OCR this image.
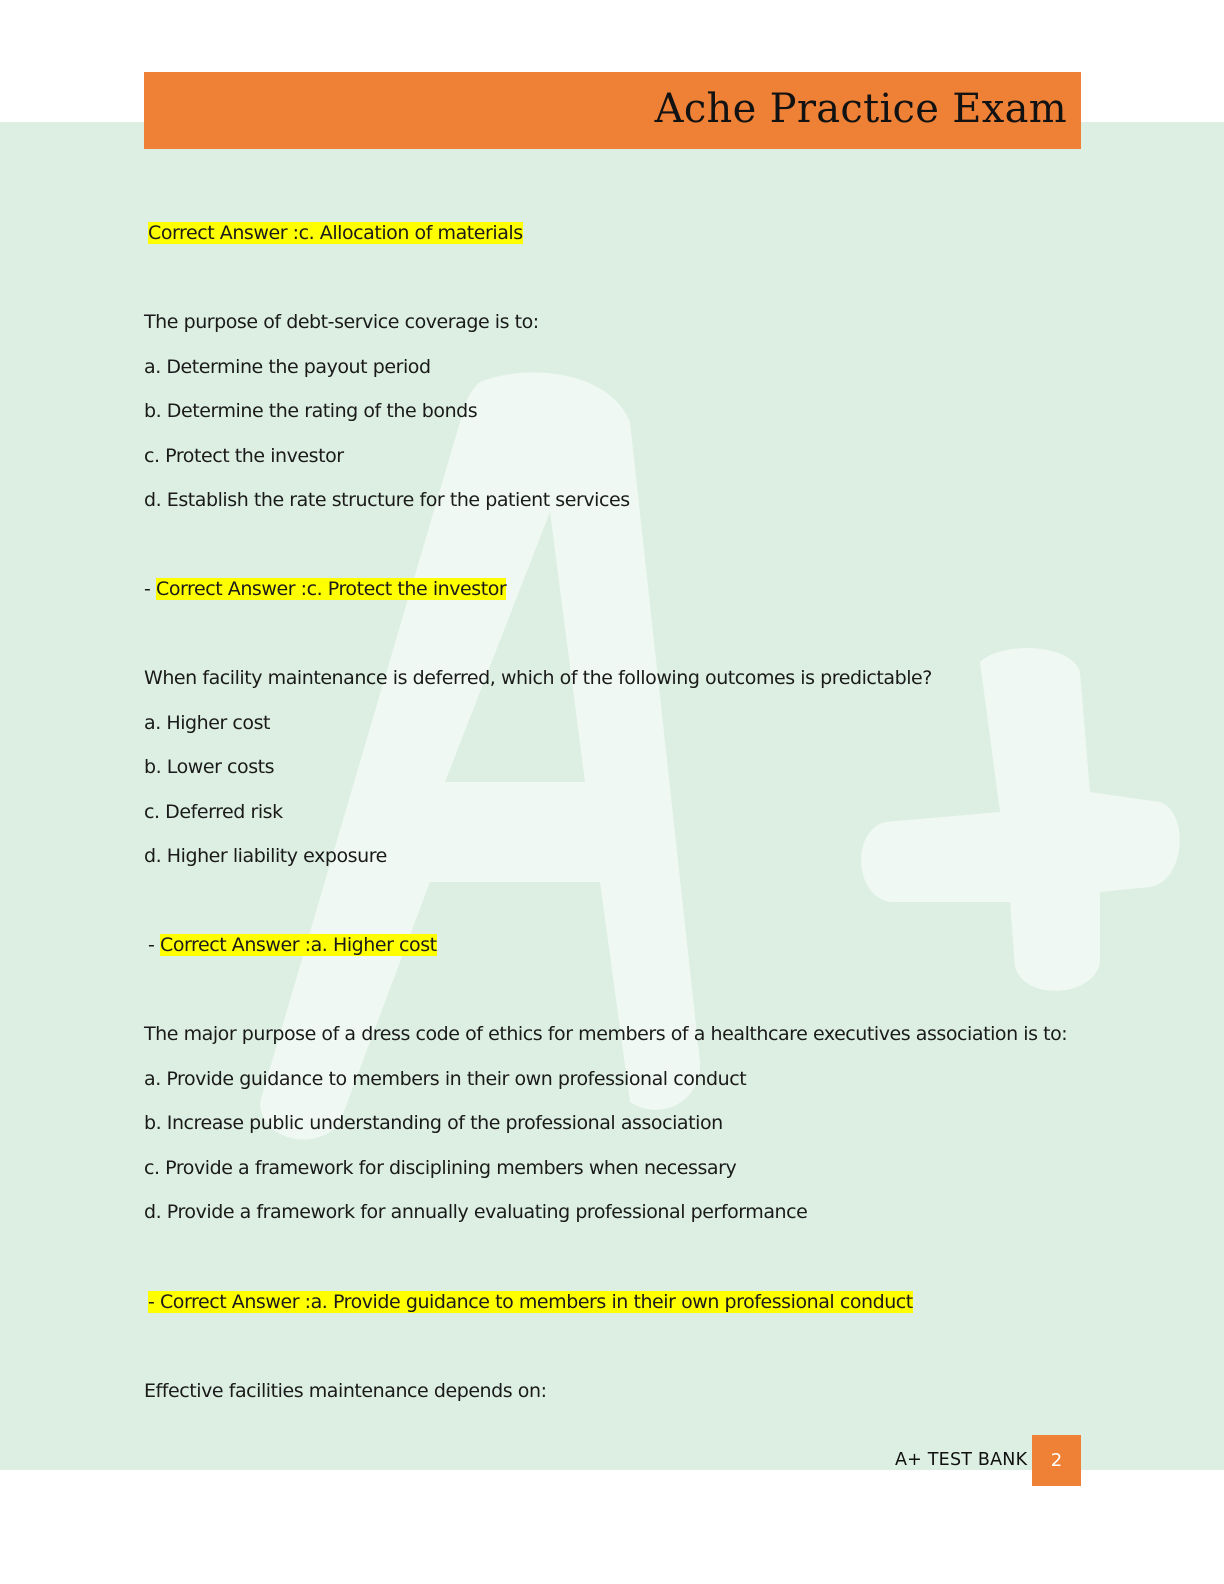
Ache Practice Exam
Correct Answer :c. Allocation of materials
The purpose of debt-service coverage is to:
a. Determine the payout period
b. Determine the rating of the bonds
c. Protect the investor
d. Establish the rate structure for the patient services
- Correct Answer :c. Protect the investor
When facility maintenance is deferred, which of the following outcomes is predictable?
a. Higher cost
b. Lower costs
c. Deferred risk
d. Higher liability exposure
- Correct Answer :a. Higher cost
The major purpose of a dress code of ethics for members of a healthcare executives association is to:
a. Provide guidance to members in their own professional conduct
b. Increase public understanding of the professional association
c. Provide a framework for disciplining members when necessary
d. Provide a framework for annually evaluating professional performance
- Correct Answer :a. Provide guidance to members in their own professional conduct
Effective facilities maintenance depends on:
A+ TEST BANK	2
